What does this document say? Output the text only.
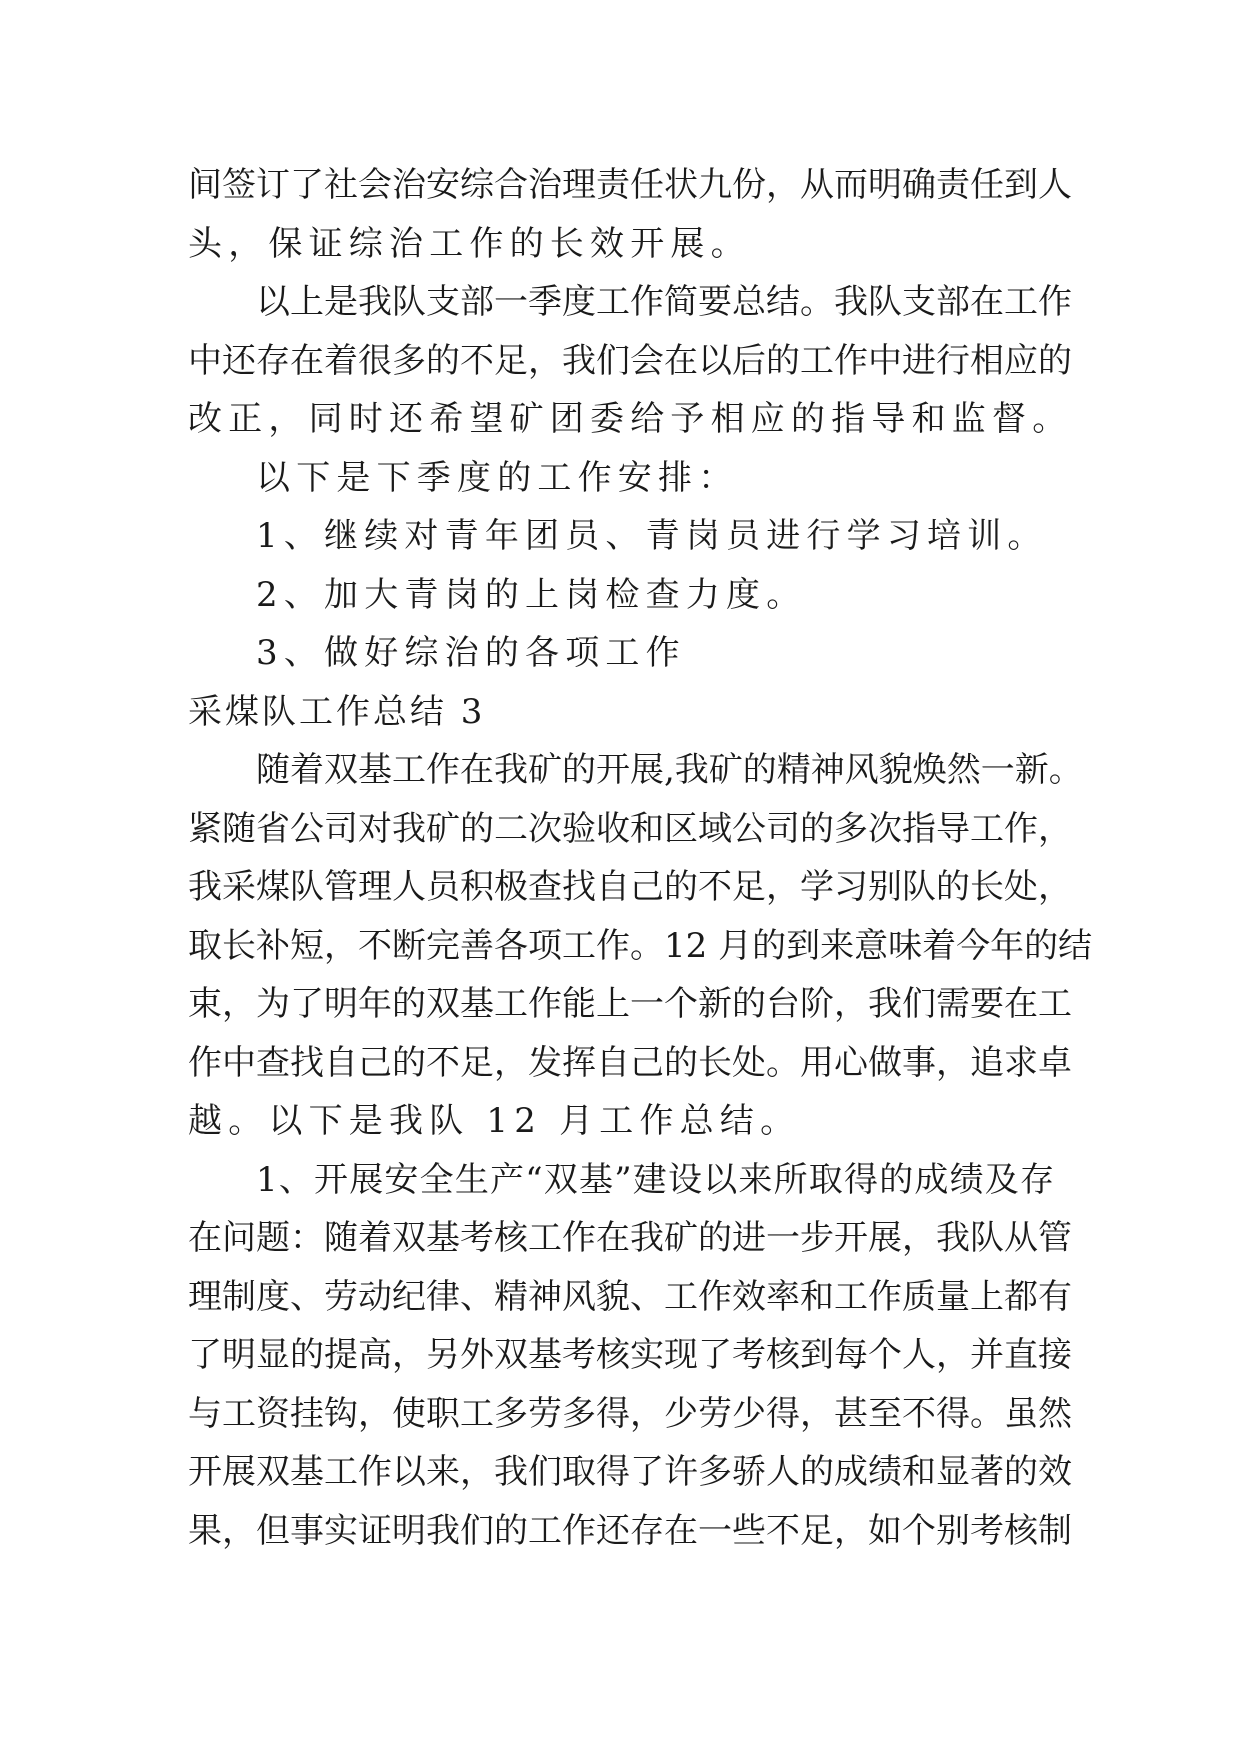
间签订了社会治安综合治理责任状九份，从而明确责任到人
头，保证综治工作的长效开展。
以上是我队支部一季度工作简要总结。我队支部在工作
中还存在着很多的不足，我们会在以后的工作中进行相应的
改正，同时还希望矿团委给予相应的指导和监督。
以下是下季度的工作安排：
1、继续对青年团员、青岗员进行学习培训。
2、加大青岗的上岗检查力度。
3、做好综治的各项工作
采煤队工作总结 3
随着双基工作在我矿的开展,我矿的精神风貌焕然一新。
紧随省公司对我矿的二次验收和区域公司的多次指导工作，
我采煤队管理人员积极查找自己的不足，学习别队的长处，
取长补短，不断完善各项工作。12 月的到来意味着今年的结
束，为了明年的双基工作能上一个新的台阶，我们需要在工
作中查找自己的不足，发挥自己的长处。用心做事，追求卓
越。以下是我队 12 月工作总结。
1、开展安全生产“双基”建设以来所取得的成绩及存
在问题：随着双基考核工作在我矿的进一步开展，我队从管
理制度、劳动纪律、精神风貌、工作效率和工作质量上都有
了明显的提高，另外双基考核实现了考核到每个人，并直接
与工资挂钩，使职工多劳多得，少劳少得，甚至不得。虽然
开展双基工作以来，我们取得了许多骄人的成绩和显著的效
果，但事实证明我们的工作还存在一些不足，如个别考核制
